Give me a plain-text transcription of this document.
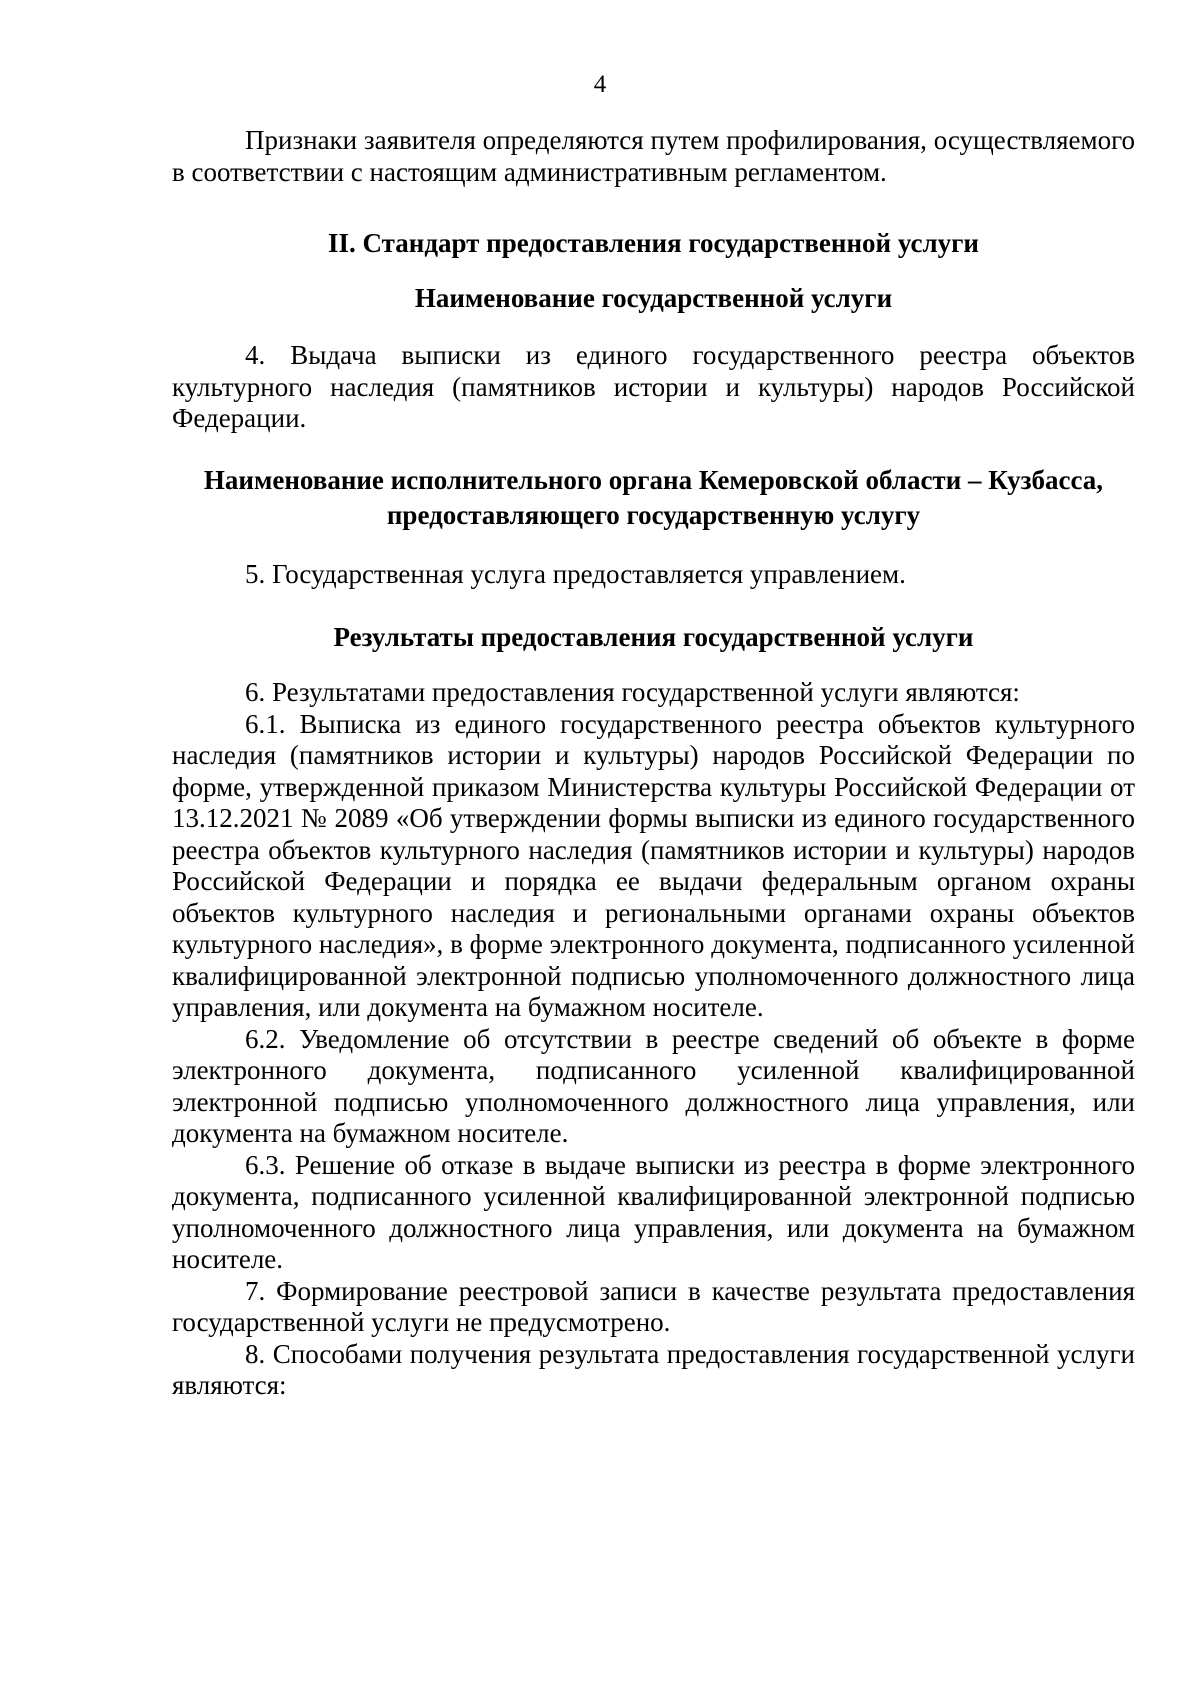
4

Признаки заявителя определяются путем профилирования, осуществляемого в соответствии с настоящим административным регламентом.

II. Стандарт предоставления государственной услуги
Наименование государственной услуги

4. Выдача выписки из единого государственного реестра объектов культурного наследия (памятников истории и культуры) народов Российской Федерации.

Наименование исполнительного органа Кемеровской области – Кузбасса, предоставляющего государственную услугу

5. Государственная услуга предоставляется управлением.

Результаты предоставления государственной услуги

6. Результатами предоставления государственной услуги являются:

6.1. Выписка из единого государственного реестра объектов культурного наследия (памятников истории и культуры) народов Российской Федерации по форме, утвержденной приказом Министерства культуры Российской Федерации от 13.12.2021 № 2089 «Об утверждении формы выписки из единого государственного реестра объектов культурного наследия (памятников истории и культуры) народов Российской Федерации и порядка ее выдачи федеральным органом охраны объектов культурного наследия и региональными органами охраны объектов культурного наследия», в форме электронного документа, подписанного усиленной квалифицированной электронной подписью уполномоченного должностного лица управления, или документа на бумажном носителе.

6.2. Уведомление об отсутствии в реестре сведений об объекте в форме электронного документа, подписанного усиленной квалифицированной электронной подписью уполномоченного должностного лица управления, или документа на бумажном носителе.

6.3. Решение об отказе в выдаче выписки из реестра в форме электронного документа, подписанного усиленной квалифицированной электронной подписью уполномоченного должностного лица управления, или документа на бумажном носителе.

7. Формирование реестровой записи в качестве результата предоставления государственной услуги не предусмотрено.

8. Способами получения результата предоставления государственной услуги являются:
